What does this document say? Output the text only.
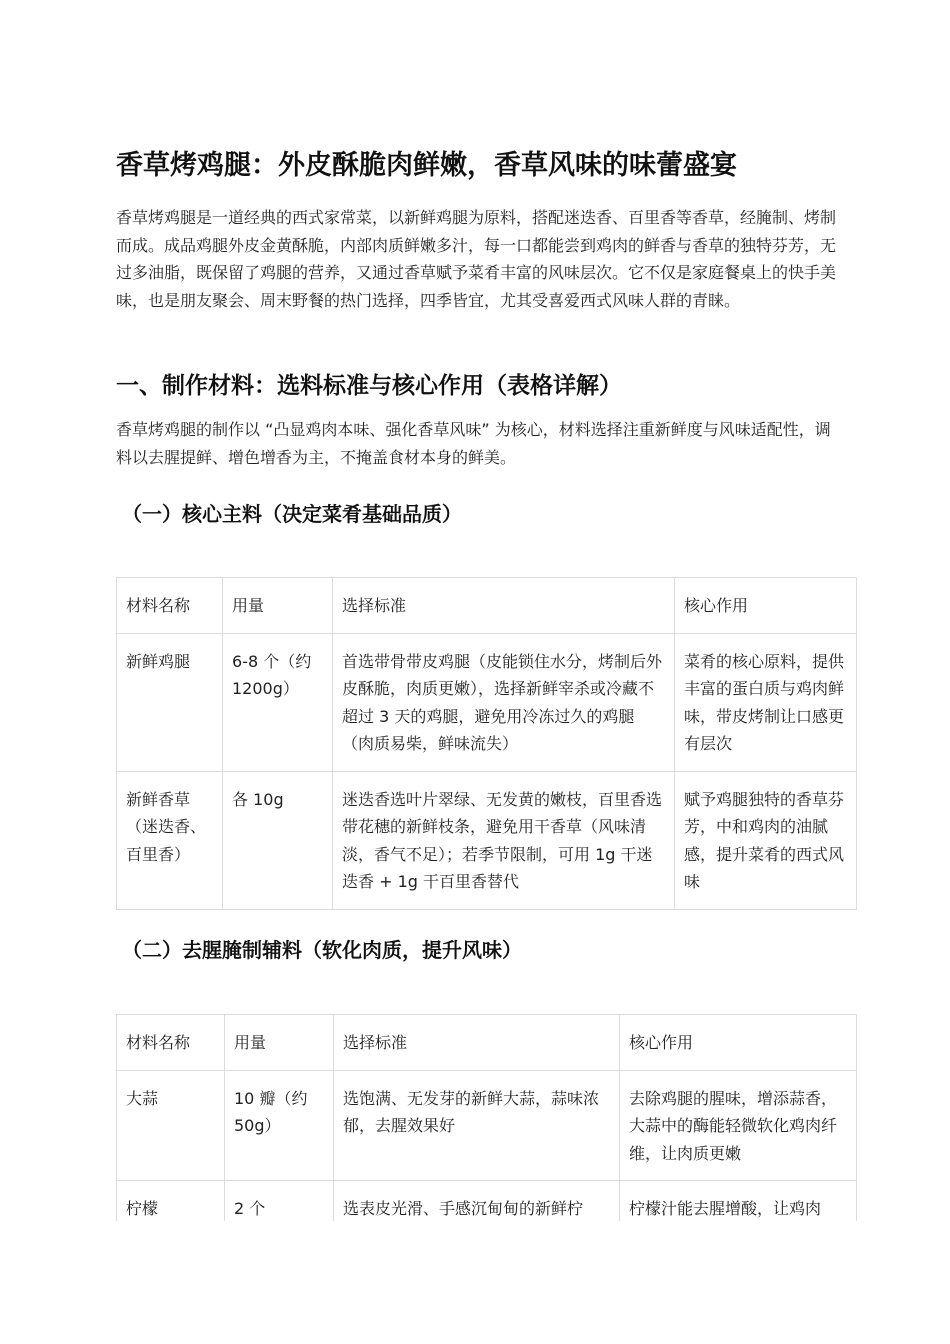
香草烤鸡腿：外皮酥脆肉鲜嫩，香草风味的味蕾盛宴

香草烤鸡腿是一道经典的西式家常菜，以新鲜鸡腿为原料，搭配迷迭香、百里香等香草，经腌制、烤制而成。成品鸡腿外皮金黄酥脆，内部肉质鲜嫩多汁，每一口都能尝到鸡肉的鲜香与香草的独特芬芳，无过多油脂，既保留了鸡腿的营养，又通过香草赋予菜肴丰富的风味层次。它不仅是家庭餐桌上的快手美味，也是朋友聚会、周末野餐的热门选择，四季皆宜，尤其受喜爱西式风味人群的青睐。

一、制作材料：选料标准与核心作用（表格详解）

香草烤鸡腿的制作以 “凸显鸡肉本味、强化香草风味” 为核心，材料选择注重新鲜度与风味适配性，调料以去腥提鲜、增色增香为主，不掩盖食材本身的鲜美。

（一）核心主料（决定菜肴基础品质）
材料名称	用量	选择标准	核心作用
新鲜鸡腿	6-8 个（约 1200g）	首选带骨带皮鸡腿（皮能锁住水分，烤制后外皮酥脆，肉质更嫩），选择新鲜宰杀或冷藏不超过 3 天的鸡腿，避免用冷冻过久的鸡腿（肉质易柴，鲜味流失）	菜肴的核心原料，提供丰富的蛋白质与鸡肉鲜味，带皮烤制让口感更有层次
新鲜香草（迷迭香、百里香）	各 10g	迷迭香选叶片翠绿、无发黄的嫩枝，百里香选带花穗的新鲜枝条，避免用干香草（风味清淡，香气不足）；若季节限制，可用 1g 干迷迭香 + 1g 干百里香替代	赋予鸡腿独特的香草芬芳，中和鸡肉的油腻感，提升菜肴的西式风味
（二）去腥腌制辅料（软化肉质，提升风味）
材料名称	用量	选择标准	核心作用
大蒜	10 瓣（约 50g）	选饱满、无发芽的新鲜大蒜，蒜味浓郁，去腥效果好	去除鸡腿的腥味，增添蒜香，大蒜中的酶能轻微软化鸡肉纤维，让肉质更嫩
柠檬	2 个	选表皮光滑、手感沉甸甸的新鲜柠	柠檬汁能去腥增酸，让鸡肉
